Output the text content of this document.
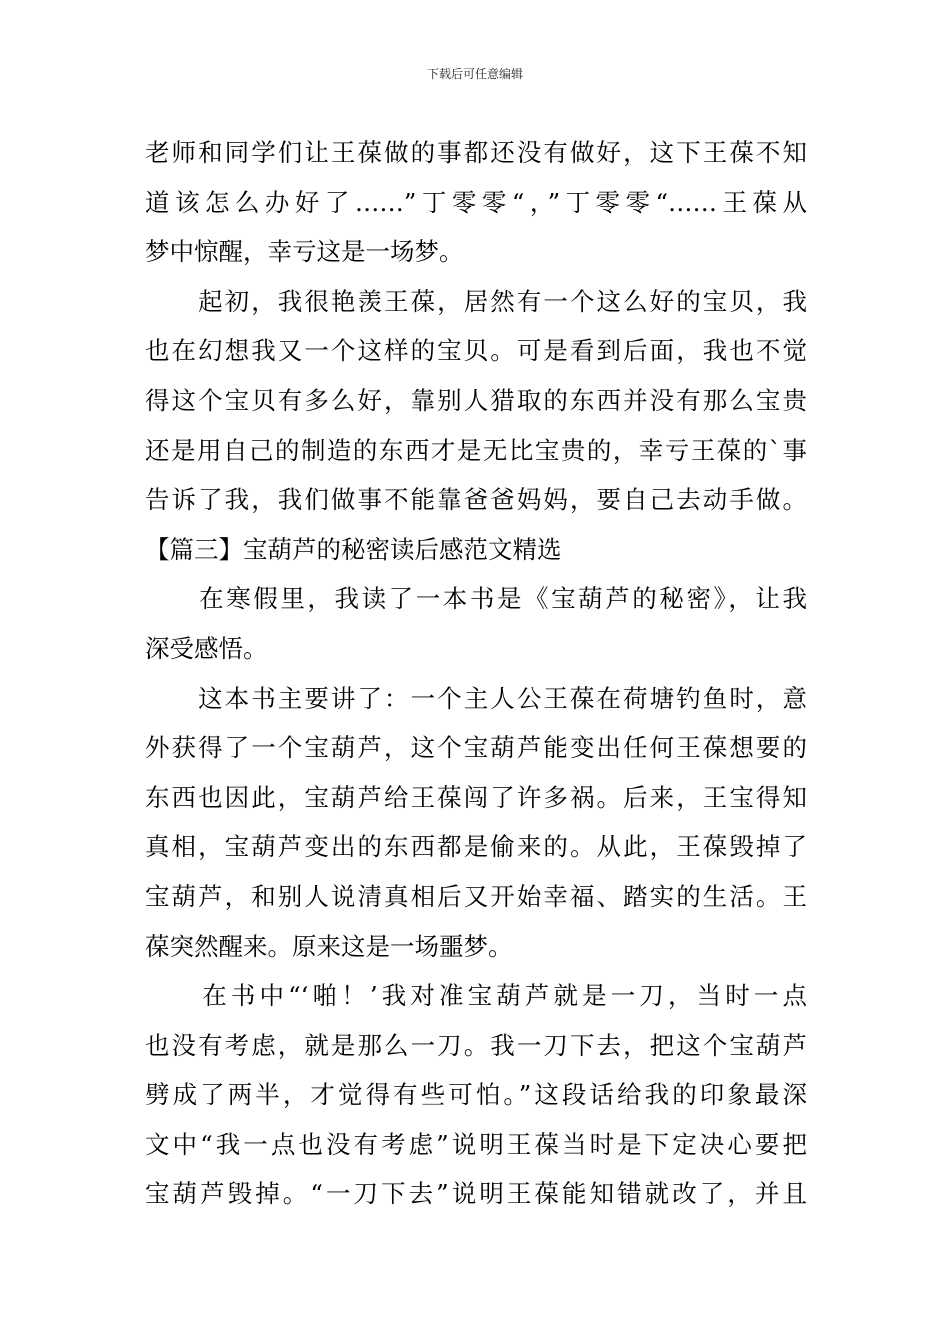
下载后可任意编辑
老师和同学们让王葆做的事都还没有做好，这下王葆不知
道该怎么办好了……”丁零零“，”丁零零“……王葆从
梦中惊醒，幸亏这是一场梦。
　　起初，我很艳羡王葆，居然有一个这么好的宝贝，我
也在幻想我又一个这样的宝贝。可是看到后面，我也不觉
得这个宝贝有多么好，靠别人猎取的东西并没有那么宝贵
还是用自己的制造的东西才是无比宝贵的，幸亏王葆的`事
告诉了我，我们做事不能靠爸爸妈妈，要自己去动手做。
【篇三】宝葫芦的秘密读后感范文精选
　　在寒假里，我读了一本书是《宝葫芦的秘密》，让我
深受感悟。
　　这本书主要讲了：一个主人公王葆在荷塘钓鱼时，意
外获得了一个宝葫芦，这个宝葫芦能变出任何王葆想要的
东西也因此，宝葫芦给王葆闯了许多祸。后来，王宝得知
真相，宝葫芦变出的东西都是偷来的。从此，王葆毁掉了
宝葫芦，和别人说清真相后又开始幸福、踏实的生活。王
葆突然醒来。原来这是一场噩梦。
　　在书中“‘啪！’我对准宝葫芦就是一刀，当时一点
也没有考虑，就是那么一刀。我一刀下去，把这个宝葫芦
劈成了两半，才觉得有些可怕。”这段话给我的印象最深
文中“我一点也没有考虑”说明王葆当时是下定决心要把
宝葫芦毁掉。“一刀下去”说明王葆能知错就改了，并且
